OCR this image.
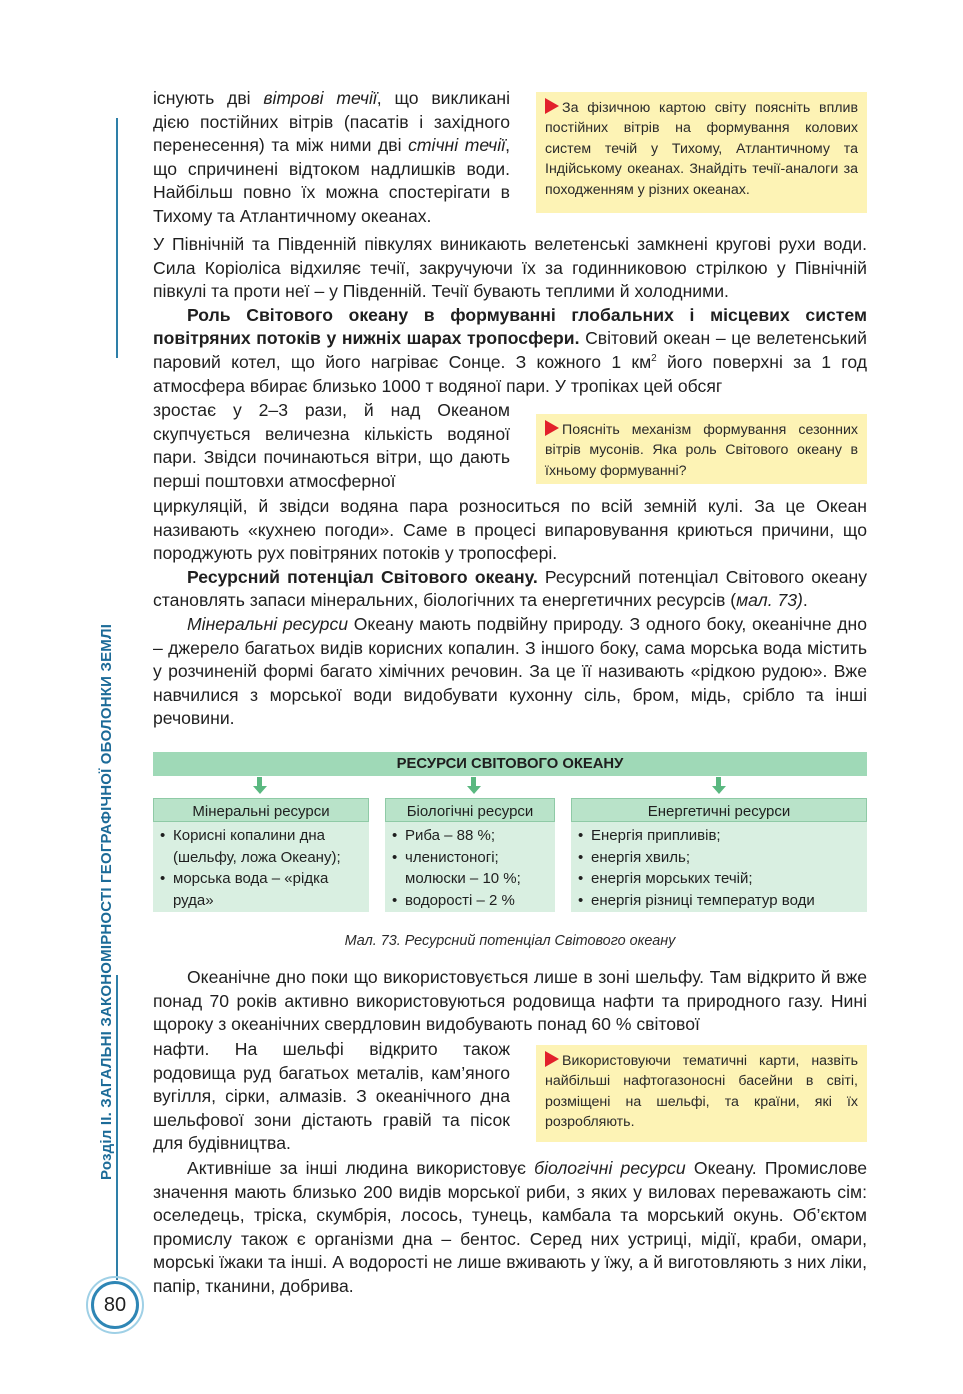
Розділ ІІ. ЗАГАЛЬНІ ЗАКОНОМІРНОСТІ ГЕОГРАФІЧНОЇ ОБОЛОНКИ ЗЕМЛІ
80

існують дві вітрові течії, що викликані дією постійних вітрів (пасатів і західного перенесення) та між ними дві стічні течії, що спричинені відтоком надлишків води. Найбільш повно їх можна спостерігати в Тихому та Атлантичному океанах.

За фізичною картою світу поясніть вплив постійних вітрів на формування колових систем течій у Тихому, Атлантичному та Індійському океанах. Знайдіть течії-аналоги за походженням у різних океанах.

У Північній та Південній півкулях виникають велетенські замкнені кругові рухи води. Сила Коріоліса відхиляє течії, закручуючи їх за годинниковою стрілкою у Північній півкулі та проти неї – у Південній. Течії бувають теплими й холодними.

Роль Світового океану в формуванні глобальних і місцевих систем повітряних потоків у нижніх шарах тропосфери. Світовий океан – це велетенський паровий котел, що його нагріває Сонце. З кожного 1 $км^2$ його поверхні за 1 год атмосфера вбирає близько 1000 т водяної пари. У тропіках цей обсяг

зростає у 2–3 рази, й над Океаном скупчується величезна кількість водяної пари. Звідси починаються вітри, що дають перші поштовхи атмосферної

Поясніть механізм формування сезонних вітрів мусонів. Яка роль Світового океану в їхньому формуванні?

циркуляцій, й звідси водяна пара розноситься по всій земній кулі. За це Океан називають «кухнею погоди». Саме в процесі випаровування криються причини, що породжують рух повітряних потоків у тропосфері.

Ресурсний потенціал Світового океану. Ресурсний потенціал Світового океану становлять запаси мінеральних, біологічних та енергетичних ресурсів (мал. 73).

Мінеральні ресурси Океану мають подвійну природу. З одного боку, океанічне дно – джерело багатьох видів корисних копалин. З іншого боку, сама морська вода містить у розчиненій формі багато хімічних речовин. За це її називають «рідкою рудою». Вже навчилися з морської води видобувати кухонну сіль, бром, мідь, срібло та інші речовини.

РЕСУРСИ СВІТОВОГО ОКЕАНУ
Мінеральні ресурси
• Корисні копалини дна
(шельфу, ложа Океану);
• морська вода – «рідка
руда»
Біологічні ресурси
• Риба – 88 %;
• членистоногі;
молюски – 10 %;
• водорості – 2 %
Енергетичні ресурси
• Енергія припливів;
• енергія хвиль;
• енергія морських течій;
• енергія різниці температур води
Мал. 73. Ресурсний потенціал Світового океану

Океанічне дно поки що використовується лише в зоні шельфу. Там відкрито й вже понад 70 років активно використовуються родовища нафти та природного газу. Нині щороку з океанічних свердловин видобувають понад 60 % світової

нафти. На шельфі відкрито також родовища руд багатьох металів, кам’яного вугілля, сірки, алмазів. З океанічного дна шельфової зони дістають гравій та пісок для будівництва.

Використовуючи тематичні карти, назвіть найбільші нафтогазоносні басейни в світі, розміщені на шельфі, та країни, які їх розробляють.

Активніше за інші людина використовує біологічні ресурси Океану. Промислове значення мають близько 200 видів морської риби, з яких у виловах переважають сім: оселедець, тріска, скумбрія, лосось, тунець, камбала та морський окунь. Об’єктом промислу також є організми дна – бентос. Серед них устриці, мідії, краби, омари, морські їжаки та інші. А водорості не лише вживають у їжу, а й виготовляють з них ліки, папір, тканини, добрива.
